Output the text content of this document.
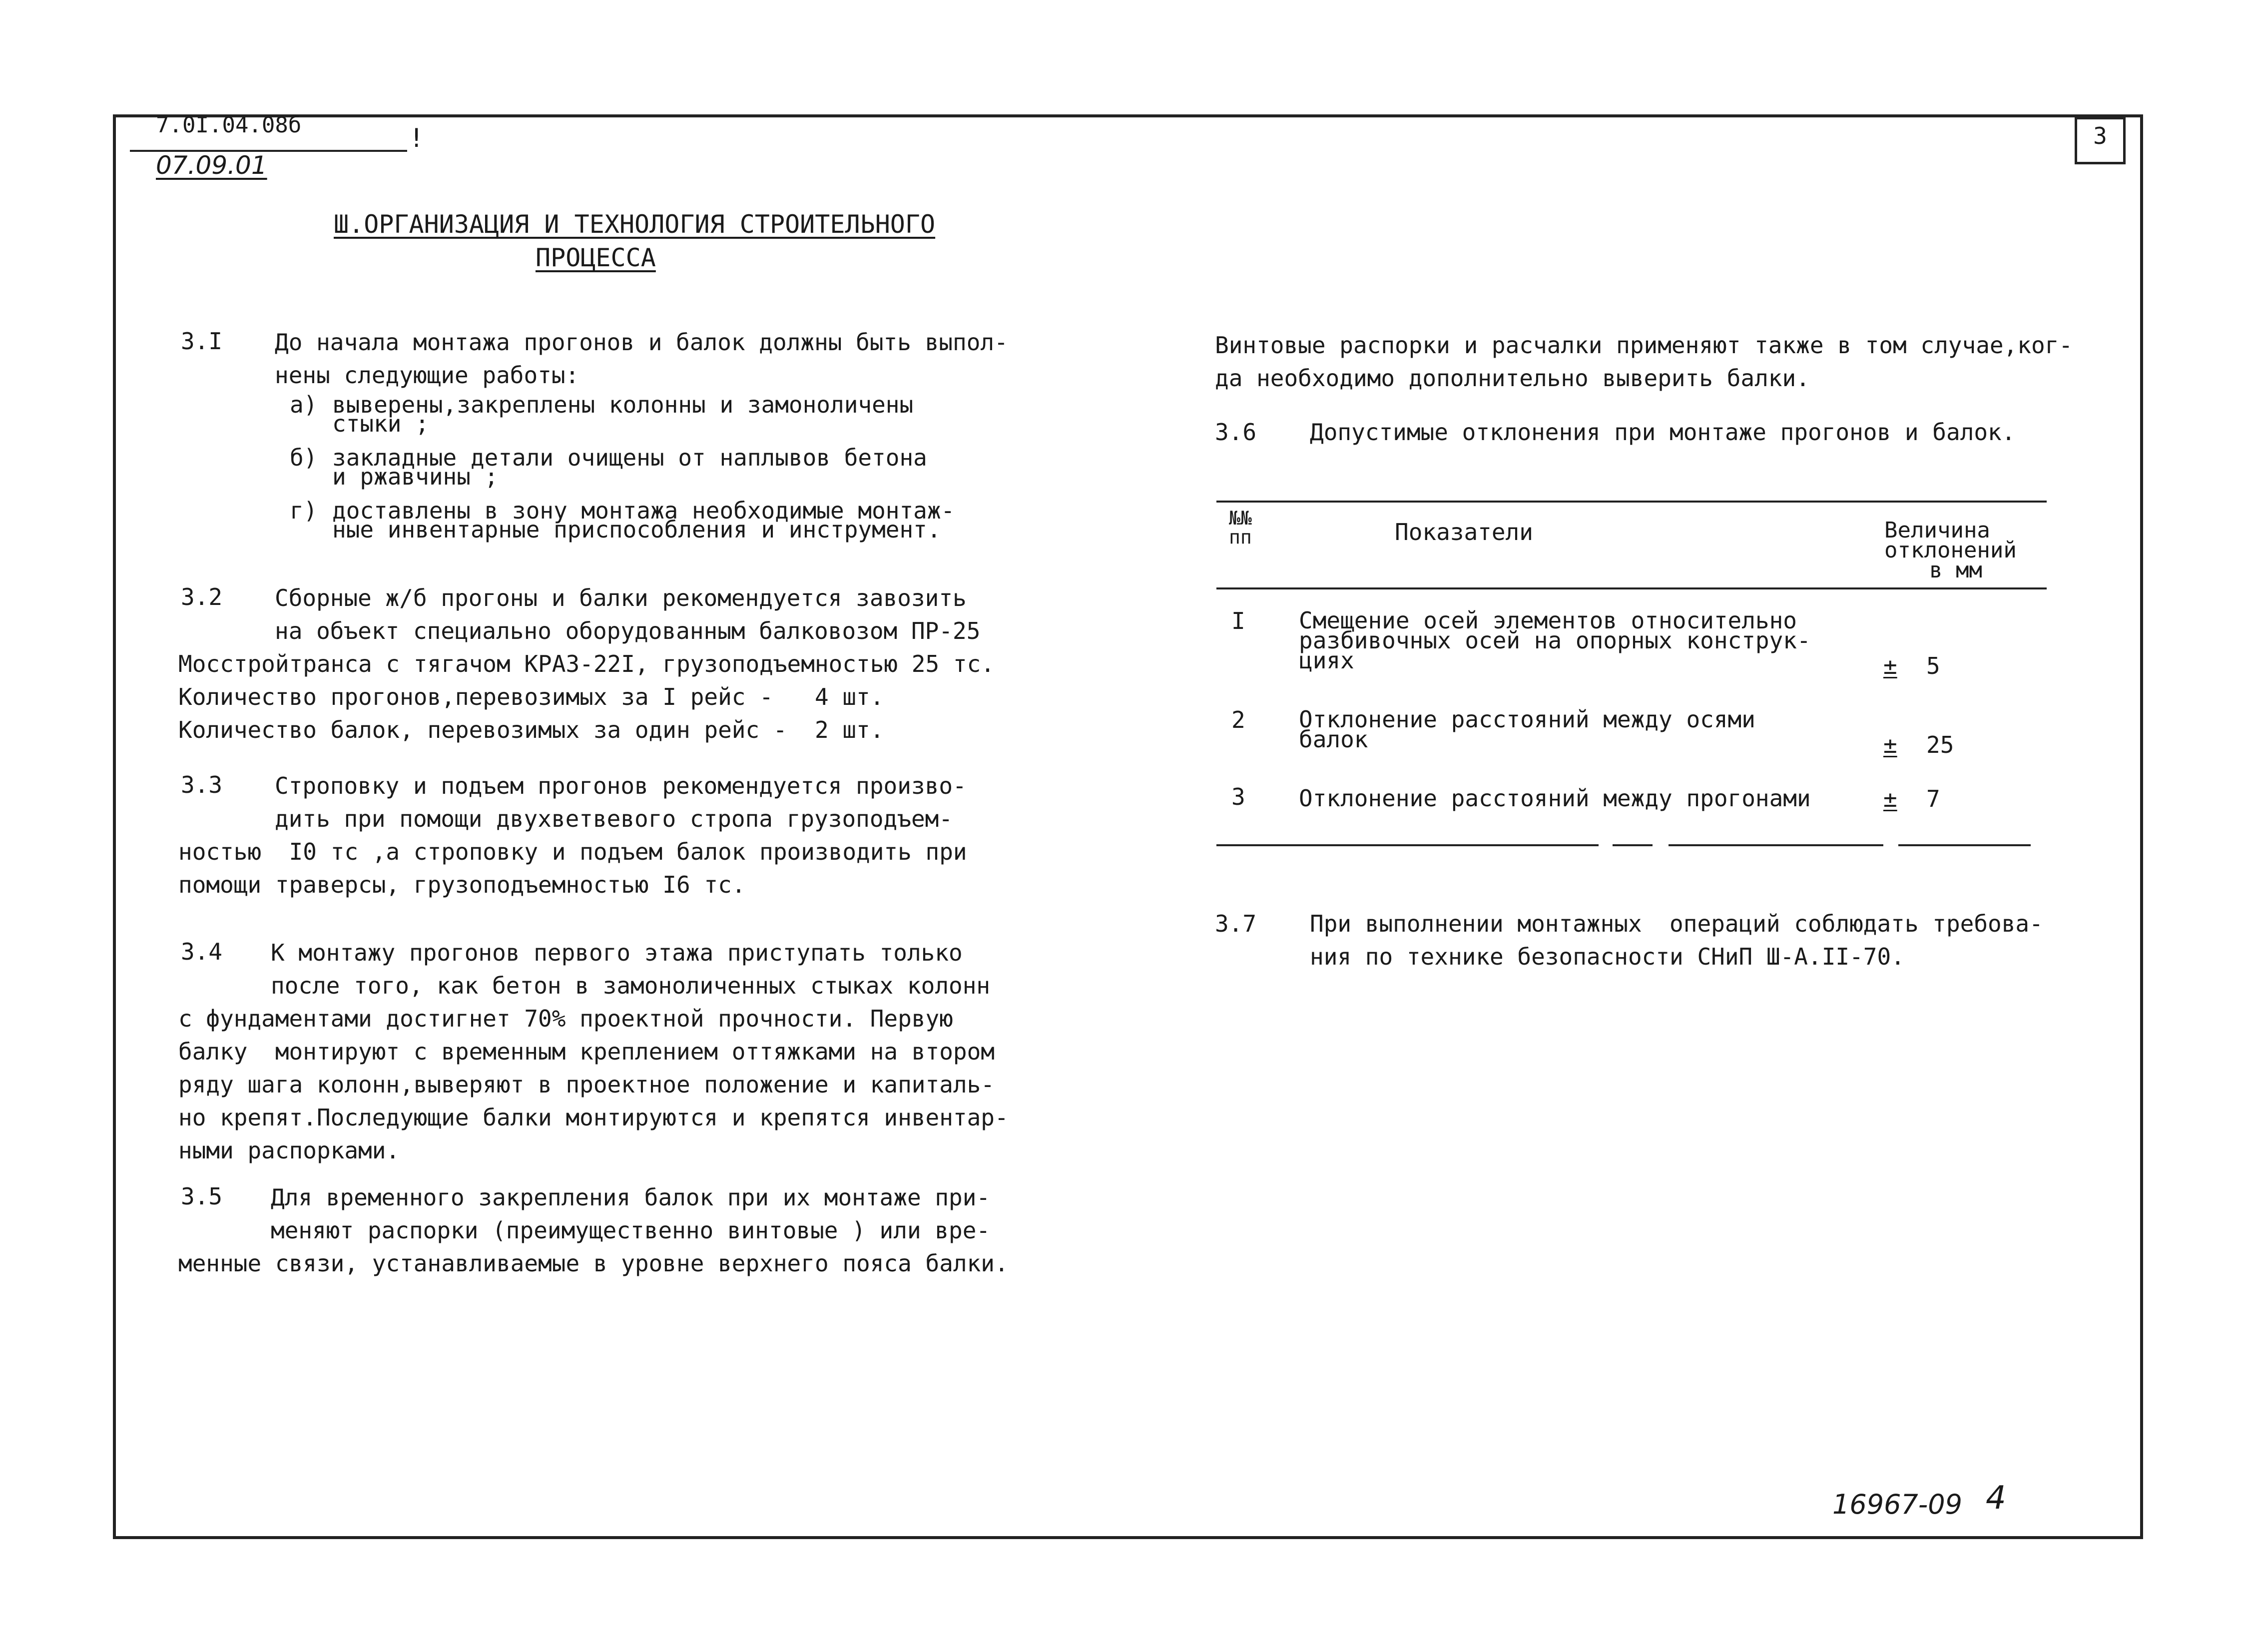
7.0I.04.08б	!
07.09.01

3

Ш.ОРГАНИЗАЦИЯ И ТЕХНОЛОГИЯ СТРОИТЕЛЬНОГО
ПРОЦЕССА
3.I До начала монтажа прогонов и балок должны быть выпол-
нены следующие работы:
а) выверены,закреплены колонны и замоноличены
стыки ;
б) закладные детали очищены от наплывов бетона
и ржавчины ;
г) доставлены в зону монтажа необходимые монтаж-
ные инвентарные приспособления и инструмент.
3.2 Сборные ж/б прогоны и балки рекомендуется завозить
на объект специально оборудованным балковозом ПР-25
Мосстройтранса с тягачом КРАЗ-22I, грузоподъемностью 25 тс.
Количество прогонов,перевозимых за I рейс -   4 шт.
Количество балок, перевозимых за один рейс -  2 шт.
3.3 Строповку и подъем прогонов рекомендуется произво-
дить при помощи двухветвевого стропа грузоподъем-
ностью  I0 тс ,а строповку и подъем балок производить при
помощи траверсы, грузоподъемностью I6 тс.
3.4 К монтажу прогонов первого этажа приступать только
после того, как бетон в замоноличенных стыках колонн
с фундаментами достигнет 70% проектной прочности. Первую
балку  монтируют с временным креплением оттяжками на втором
ряду шага колонн,выверяют в проектное положение и капиталь-
но крепят.Последующие балки монтируются и крепятся инвентар-
ными распорками.
3.5 Для временного закрепления балок при их монтаже при-
меняют распорки (преимущественно винтовые ) или вре-
менные связи, устанавливаемые в уровне верхнего пояса балки.
Винтовые распорки и расчалки применяют также в том случае,ког-
да необходимо дополнительно выверить балки.
3.6 Допустимые отклонения при монтаже прогонов и балок.
№№
пп	Показатели	Величина
отклонений
в мм
I Смещение осей элементов относительно
разбивочных осей на опорных конструк-
циях	± 5
2 Отклонение расстояний между осями
балок	± 25
3 Отклонение расстояний между прогонами	± 7
3.7 При выполнении монтажных  операций соблюдать требова-
ния по технике безопасности СНиП Ш-А.II-70.
16967-09 4
